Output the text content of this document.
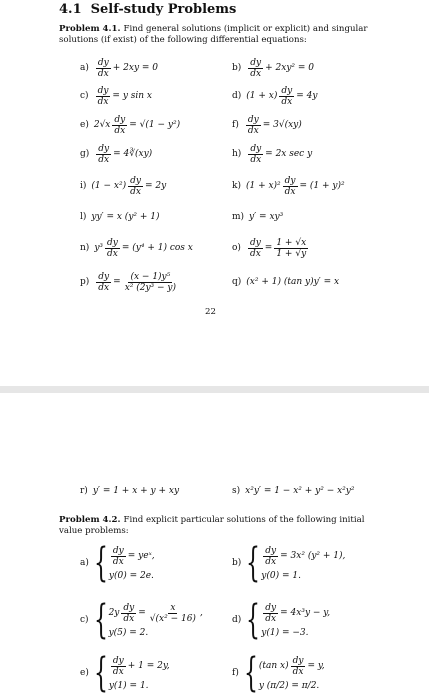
4.1 Self-study Problems
Problem 4.1. Find general solutions (implicit or explicit) and singular solutions (if exist) of the following differential equations:
$a) \frac{dy}{dx} + 2xy = 0$	$b) \frac{dy}{dx} + 2xy^2 = 0$
$c) \frac{dy}{dx} = y$ sin x	d) $(1 + x) \frac{dy}{dx} = 4y$
e) $2√x \frac{dy}{dx} = √(1 - y^2)$	$f) \frac{dy}{dx} = 3√(xy)$
$g) \frac{dy}{dx}$ = 4∛(xy)	$h) \frac{dy}{dx} = 2x$ sec y
i) $(1 - x^2) \frac{dy}{dx} = 2y$	k) $(1 + x)^2 \frac{dy}{dx} = (1 + y)^2$
l) yy′ = x (y² + 1)	m) y′ = xy³
n) $y^3 \frac{dy}{dx} = (y^4 + 1)$ cos x	$o) \frac{dy}{dx} = \frac{1 + √x}{1 + √y}$
$p) \frac{dy}{dx} = \frac{\text{(x − 1)y⁵}}{\text{x² (2y³ − y)}}$	q) (x² + 1) (tan y)y′ = x
22
r) y′ = 1 + x + y + xy	s) x²y′ = 1 − x² + y² − x²y²
Problem 4.2. Find explicit particular solutions of the following initial value problems:
a) { $\frac{dy}{dx}$ = yeˣ,
y(0) = 2e.
b) { $\frac{dy}{dx} = 3x^2$ (y² + 1),
y(0) = 1.
c) { $2y \frac{dy}{dx} = \frac{x}{\text{√(x² − 16)}}$ ,
y(5) = 2.
d) { $\frac{dy}{dx} = 4x^3y - y$,
y(1) = −3.
e) { $\frac{dy}{dx} + 1 = 2y$,
y(1) = 1.
f) { (tan $x) \frac{dy}{dx} = y$,
y (π/2) = π/2.
